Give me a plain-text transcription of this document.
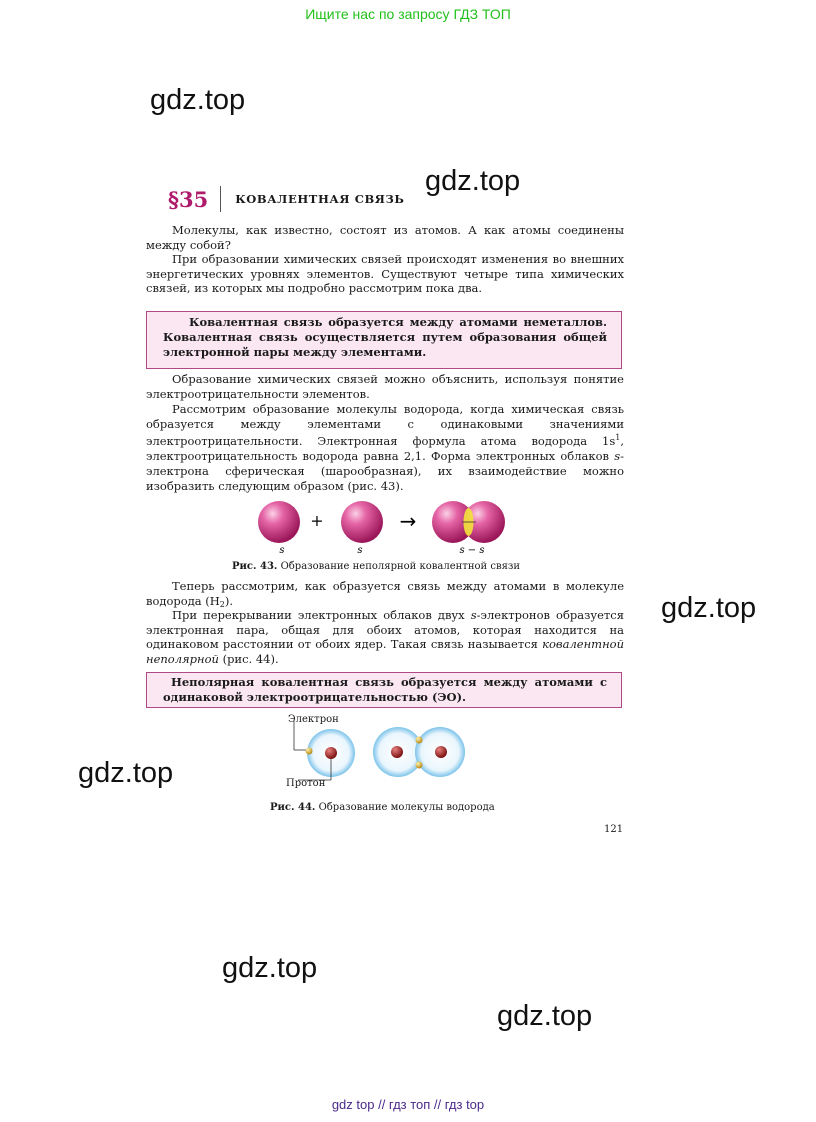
Ищите нас по запросу ГДЗ ТОП
gdz.top
gdz.top
gdz.top
gdz.top
gdz.top
gdz.top
§35 КОВАЛЕНТНАЯ СВЯЗЬ
Молекулы, как известно, состоят из атомов. А как атомы соединены между собой?
При образовании химических связей происходят изменения во внешних энергетических уровнях элементов. Существуют четыре типа химических связей, из которых мы подробно рассмотрим пока два.
Ковалентная связь образуется между атомами неметаллов. Ковалентная связь осуществляется путем образования общей электронной пары между элементами.
Образование химических связей можно объяснить, используя понятие электроотрицательности элементов.
Рассмотрим образование молекулы водорода, когда химическая связь образуется между элементами с одинаковыми значениями электроотрицательности. Электронная формула атома водорода $1s^1$, электроотрицательность водорода равна 2,1. Форма электронных облаков s-электрона сферическая (шарообразная), их взаимодействие можно изобразить следующим образом (рис. 43).
+	→
s	s	s − s
Рис. 43. Образование неполярной ковалентной связи
Теперь рассмотрим, как образуется связь между атомами в молекуле водорода $(H_2)$.
При перекрывании электронных облаков двух s-электронов образуется электронная пара, общая для обоих атомов, которая находится на одинаковом расстоянии от обоих ядер. Такая связь называется ковалентной неполярной (рис. 44).
Неполярная ковалентная связь образуется между атомами с одинаковой электроотрицательностью (ЭО).
Электрон
Протон
Рис. 44. Образование молекулы водорода
121
gdz top // гдз топ // гдз top
